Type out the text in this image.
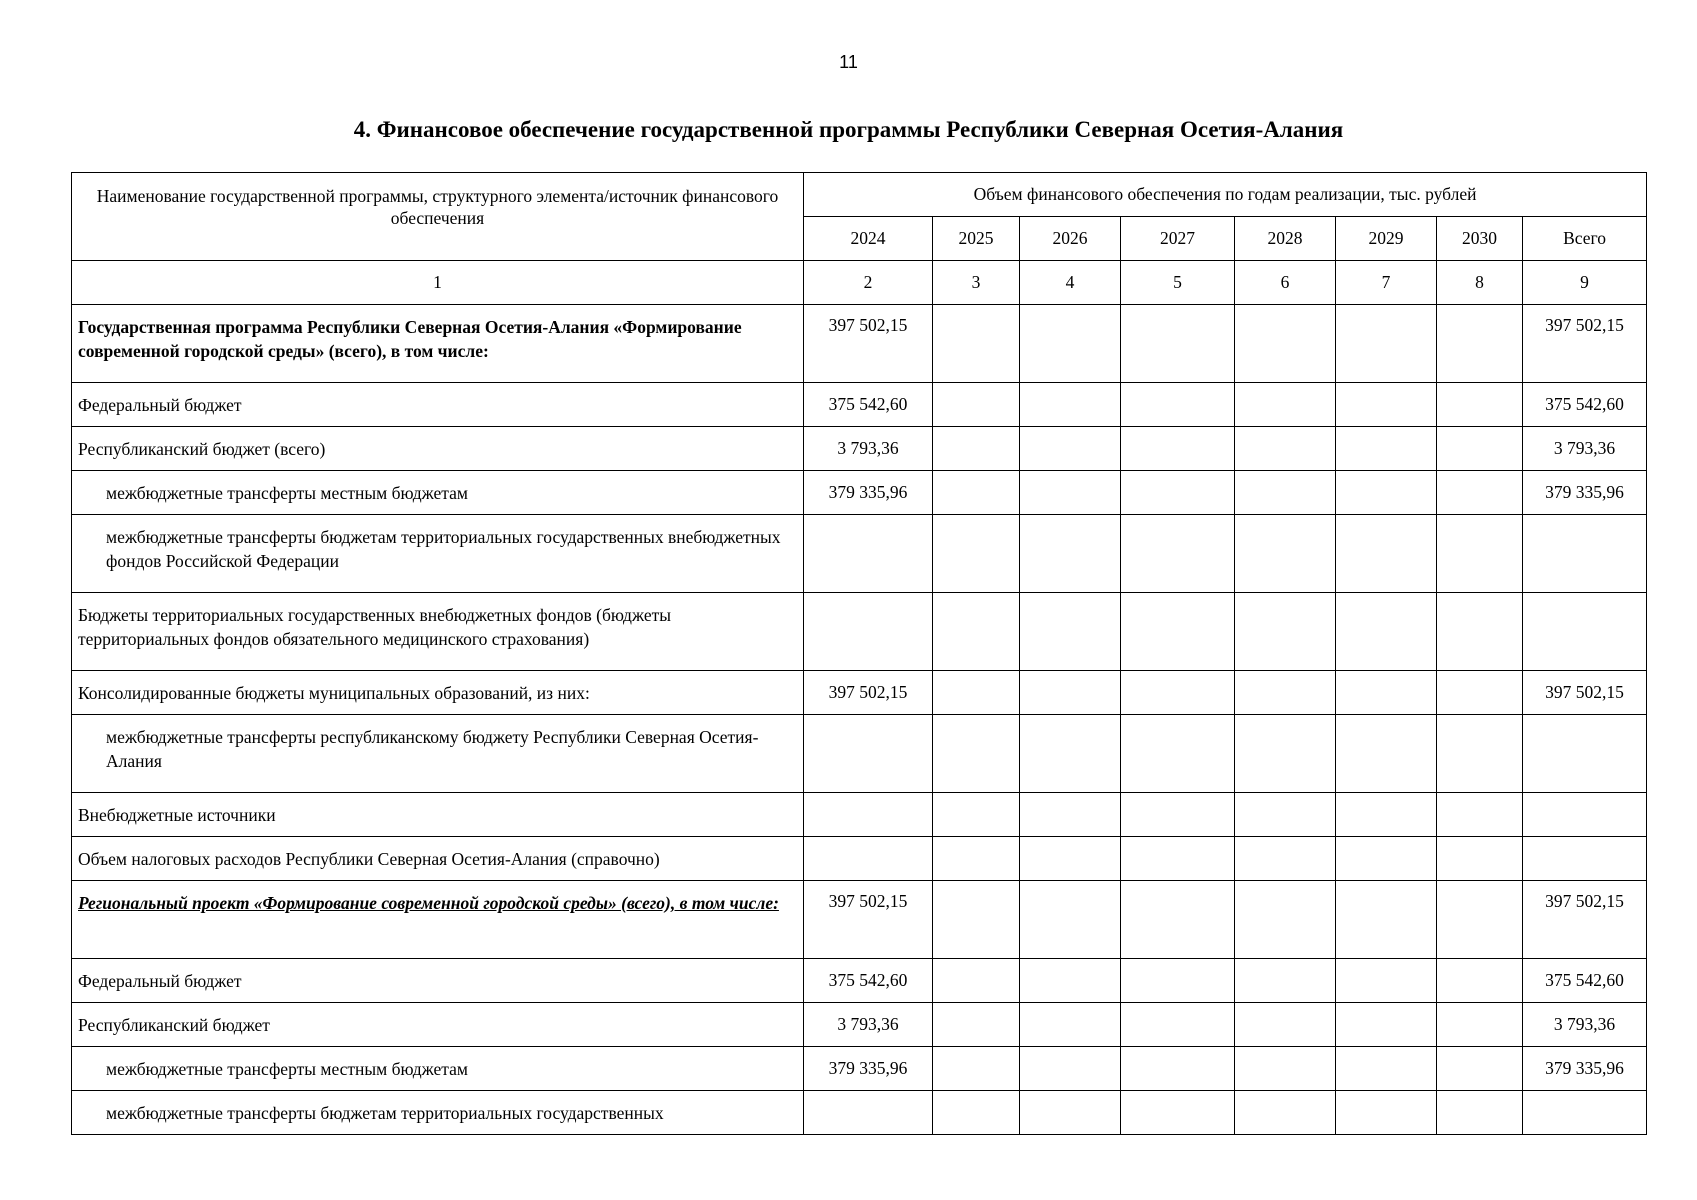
11
4. Финансовое обеспечение государственной программы Республики Северная Осетия-Алания
Наименование государственной программы, структурного элемента/источник финансового обеспечения	Объем финансового обеспечения по годам реализации, тыс. рублей							
	2024	2025	2026	2027	2028	2029	2030	Всего
1	2	3	4	5	6	7	8	9
Государственная программа Республики Северная Осетия-Алания «Формирование современной городской среды» (всего), в том числе:	397 502,15							397 502,15
Федеральный бюджет	375 542,60							375 542,60
Республиканский бюджет (всего)	3 793,36							3 793,36
межбюджетные трансферты местным бюджетам	379 335,96							379 335,96
межбюджетные трансферты бюджетам территориальных государственных внебюджетных фондов Российской Федерации								
Бюджеты территориальных государственных внебюджетных фондов (бюджеты территориальных фондов обязательного медицинского страхования)								
Консолидированные бюджеты муниципальных образований, из них:	397 502,15							397 502,15
межбюджетные трансферты республиканскому бюджету Республики Северная Осетия-Алания								
Внебюджетные источники								
Объем налоговых расходов Республики Северная Осетия-Алания (справочно)								
Региональный проект «Формирование современной городской среды» (всего), в том числе:	397 502,15							397 502,15
Федеральный бюджет	375 542,60							375 542,60
Республиканский бюджет	3 793,36							3 793,36
межбюджетные трансферты местным бюджетам	379 335,96							379 335,96
межбюджетные трансферты бюджетам территориальных государственных								
